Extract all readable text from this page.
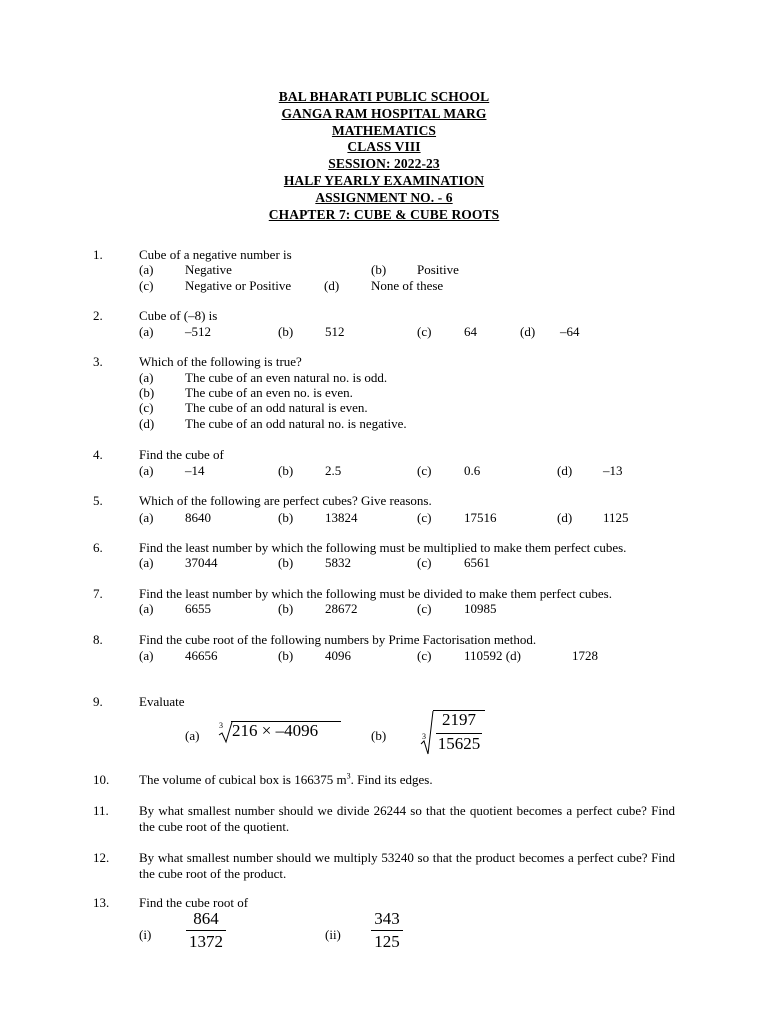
BAL BHARATI PUBLIC SCHOOL
GANGA RAM HOSPITAL MARG
MATHEMATICS
CLASS VIII
SESSION: 2022-23
HALF YEARLY EXAMINATION
ASSIGNMENT NO. - 6
CHAPTER 7: CUBE & CUBE ROOTS
1.	Cube of a negative number is
(a) Negative	(b) Positive
(c) Negative or Positive	(d) None of these
2.	Cube of (–8) is
(a) –512	(b) 512	(c)	64	(d) –64
3.	Which of the following is true?
(a) The cube of an even natural no. is odd.
(b) The cube of an even no. is even.
(c) The cube of an odd natural is even.
(d) The cube of an odd natural no. is negative.
4.	Find the cube of
(a) –14	(b) 2.5	(c)	0.6	(d) –13
5.	Which of the following are perfect cubes? Give reasons.
(a) 8640	(b) 13824	(c)	17516	(d) 1125
6.	Find the least number by which the following must be multiplied to make them perfect cubes.
(a) 37044	(b) 5832	(c)	6561
7.	Find the least number by which the following must be divided to make them perfect cubes.
(a) 6655	(b) 28672	(c)	10985
8.	Find the cube root of the following numbers by Prime Factorisation method.
(a) 46656	(b) 4096	(c)	110592 (d)	1728
9.	Evaluate
(a)
3 216 × –4096	(b)	3
2197
15625
10. The volume of cubical box is 166375 $m^3$. Find its edges.
11. By what smallest number should we divide 26244 so that the quotient becomes a perfect cube? Find the cube root of the quotient.
12. By what smallest number should we multiply 53240 so that the product becomes a perfect cube? Find the cube root of the product.
13. Find the cube root of
(i)
864
1372	(ii)
343
125
